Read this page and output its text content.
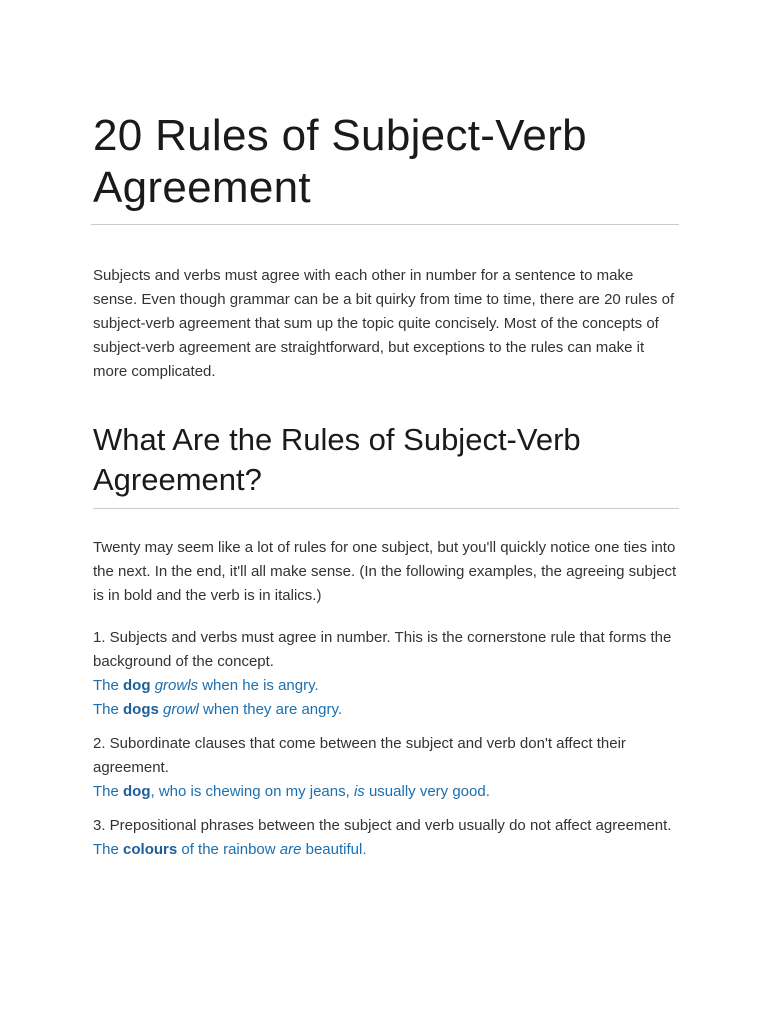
20 Rules of Subject-Verb Agreement

Subjects and verbs must agree with each other in number for a sentence to make sense. Even though grammar can be a bit quirky from time to time, there are 20 rules of subject-verb agreement that sum up the topic quite concisely. Most of the concepts of subject-verb agreement are straightforward, but exceptions to the rules can make it more complicated.

What Are the Rules of Subject-Verb Agreement?

Twenty may seem like a lot of rules for one subject, but you'll quickly notice one ties into the next. In the end, it'll all make sense. (In the following examples, the agreeing subject is in bold and the verb is in italics.)

1. Subjects and verbs must agree in number. This is the cornerstone rule that forms the background of the concept.

The dog growls when he is angry.
The dogs growl when they are angry.

2. Subordinate clauses that come between the subject and verb don't affect their agreement.

The dog, who is chewing on my jeans, is usually very good.

3. Prepositional phrases between the subject and verb usually do not affect agreement.

The colours of the rainbow are beautiful.
